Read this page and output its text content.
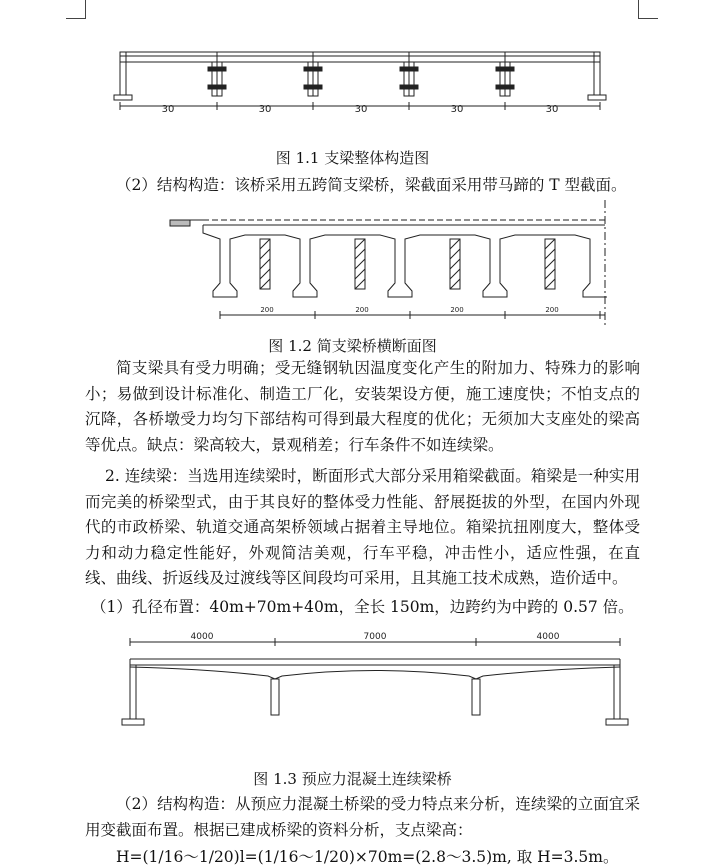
30	30	30	30	30
图 1.1 支梁整体构造图
（2）结构构造：该桥采用五跨简支梁桥，梁截面采用带马蹄的 T 型截面。
200	200	200	200
图 1.2 简支梁桥横断面图
简支梁具有受力明确；受无缝钢轨因温度变化产生的附加力、特殊力的影响小；易做到设计标准化、制造工厂化，安装架设方便，施工速度快；不怕支点的沉降，各桥墩受力均匀下部结构可得到最大程度的优化；无须加大支座处的梁高等优点。缺点：梁高较大，景观稍差；行车条件不如连续梁。
2. 连续梁：当选用连续梁时，断面形式大部分采用箱梁截面。箱梁是一种实用而完美的桥梁型式，由于其良好的整体受力性能、舒展挺拔的外型，在国内外现代的市政桥梁、轨道交通高架桥领域占据着主导地位。箱梁抗扭刚度大，整体受力和动力稳定性能好，外观简洁美观，行车平稳，冲击性小，适应性强，在直线、曲线、折返线及过渡线等区间段均可采用，且其施工技术成熟，造价适中。
（1）孔径布置：40m+70m+40m，全长 150m，边跨约为中跨的 0.57 倍。
4000	7000	4000
图 1.3 预应力混凝土连续梁桥
（2）结构构造：从预应力混凝土桥梁的受力特点来分析，连续梁的立面宜采用变截面布置。根据已建成桥梁的资料分析，支点梁高：
H=(1/16～1/20)l=(1/16～1/20)×70m=(2.8～3.5)m, 取 H=3.5m。
